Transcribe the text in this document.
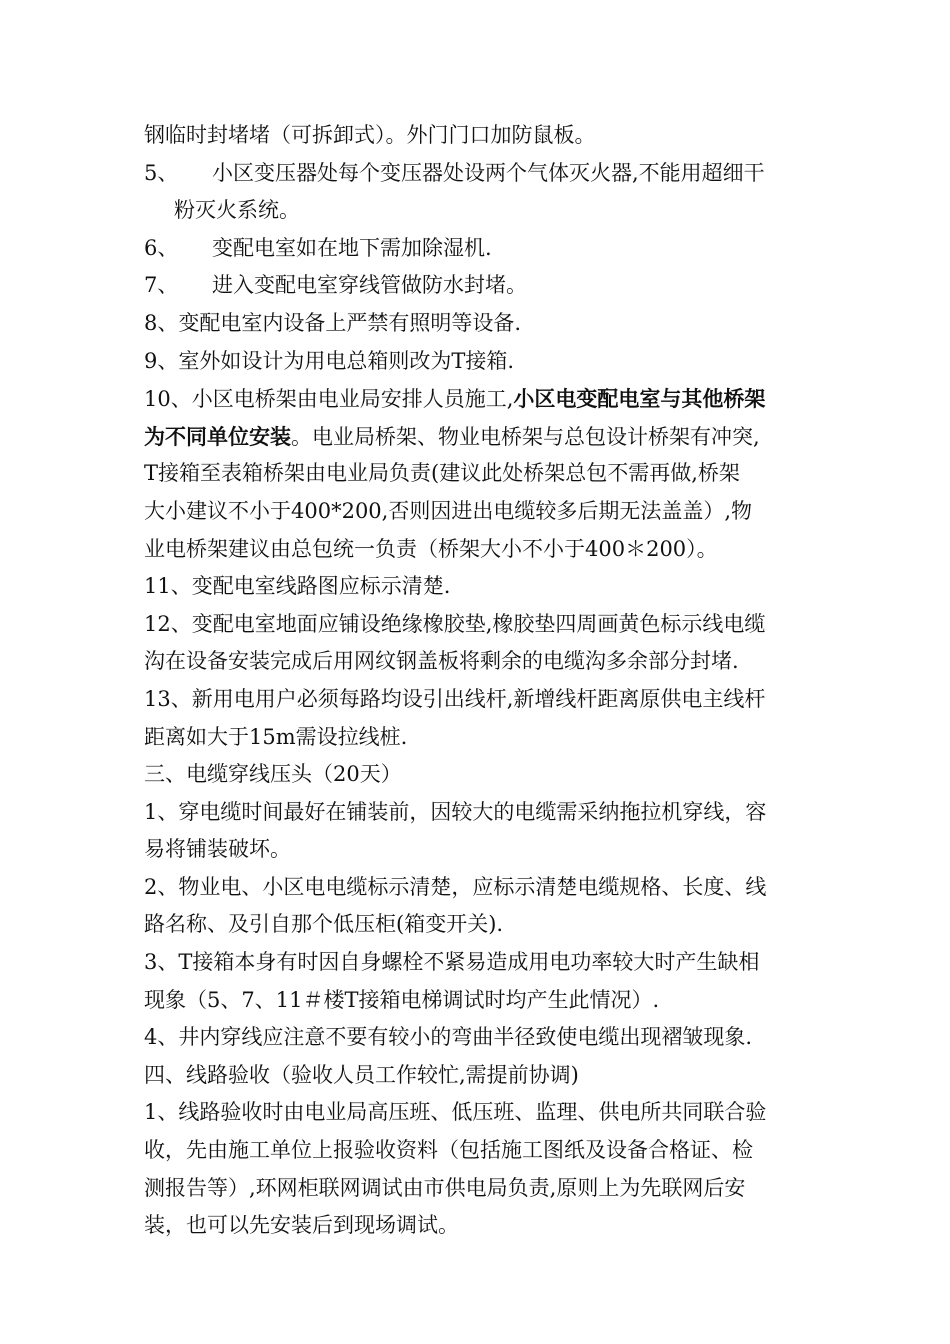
钢临时封堵堵（可拆卸式）。外门门口加防鼠板。
5、 小区变压器处每个变压器处设两个气体灭火器,不能用超细干
粉灭火系统。
6、 变配电室如在地下需加除湿机.
7、 进入变配电室穿线管做防水封堵。
8、变配电室内设备上严禁有照明等设备.
9、室外如设计为用电总箱则改为T接箱.
10、小区电桥架由电业局安排人员施工,小区电变配电室与其他桥架
为不同单位安装。电业局桥架、物业电桥架与总包设计桥架有冲突,
T接箱至表箱桥架由电业局负责(建议此处桥架总包不需再做,桥架
大小建议不小于400*200,否则因进出电缆较多后期无法盖盖）,物
业电桥架建议由总包统一负责（桥架大小不小于400＊200）。
11、变配电室线路图应标示清楚.
12、变配电室地面应铺设绝缘橡胶垫,橡胶垫四周画黄色标示线电缆
沟在设备安装完成后用网纹钢盖板将剩余的电缆沟多余部分封堵.
13、新用电用户必须每路均设引出线杆,新增线杆距离原供电主线杆
距离如大于15m需设拉线桩.
三、电缆穿线压头（20天）
1、穿电缆时间最好在铺装前，因较大的电缆需采纳拖拉机穿线，容
易将铺装破坏。
2、物业电、小区电电缆标示清楚，应标示清楚电缆规格、长度、线
路名称、及引自那个低压柜(箱变开关).
3、T接箱本身有时因自身螺栓不紧易造成用电功率较大时产生缺相
现象（5、7、11＃楼T接箱电梯调试时均产生此情况）.
4、井内穿线应注意不要有较小的弯曲半径致使电缆出现褶皱现象.
四、线路验收（验收人员工作较忙,需提前协调)
1、线路验收时由电业局高压班、低压班、监理、供电所共同联合验
收，先由施工单位上报验收资料（包括施工图纸及设备合格证、检
测报告等）,环网柜联网调试由市供电局负责,原则上为先联网后安
装，也可以先安装后到现场调试。
